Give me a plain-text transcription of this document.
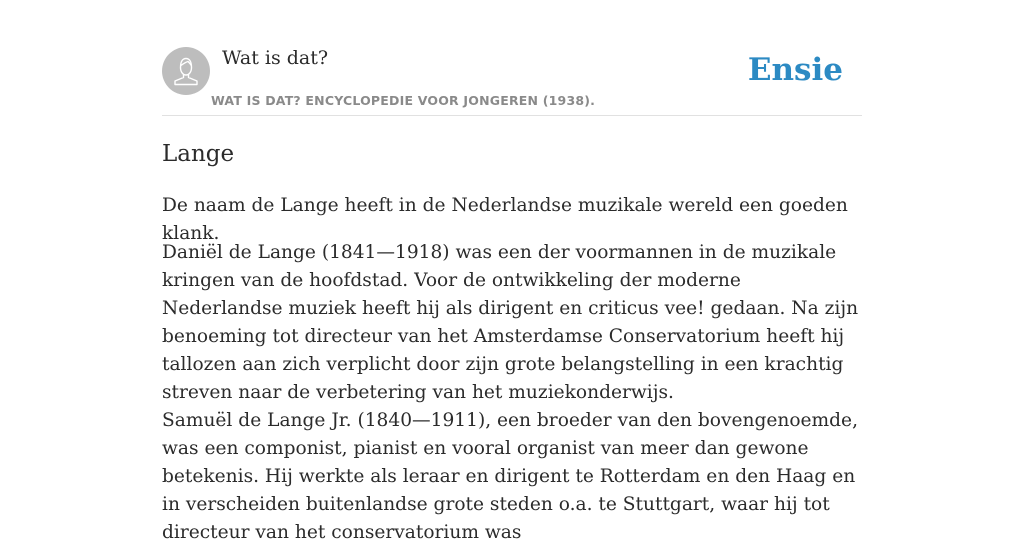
Wat is dat?
WAT IS DAT? ENCYCLOPEDIE VOOR JONGEREN (1938).
Ensie
Lange

De naam de Lange heeft in de Nederlandse muzikale wereld een goeden klank.

Daniël de Lange (1841—1918) was een der voormannen in de muzikale kringen van de hoofdstad. Voor de ontwikkeling der moderne Nederlandse muziek heeft hij als dirigent en criticus vee! gedaan. Na zijn benoeming tot directeur van het Amsterdamse Conservatorium heeft hij tallozen aan zich verplicht door zijn grote belangstelling in een krachtig streven naar de verbetering van het muziekonderwijs.

Samuël de Lange Jr. (1840—1911), een broeder van den bovengenoemde, was een componist, pianist en vooral organist van meer dan gewone betekenis. Hij werkte als leraar en dirigent te Rotterdam en den Haag en in verscheiden buitenlandse grote steden o.a. te Stuttgart, waar hij tot directeur van het conservatorium was
